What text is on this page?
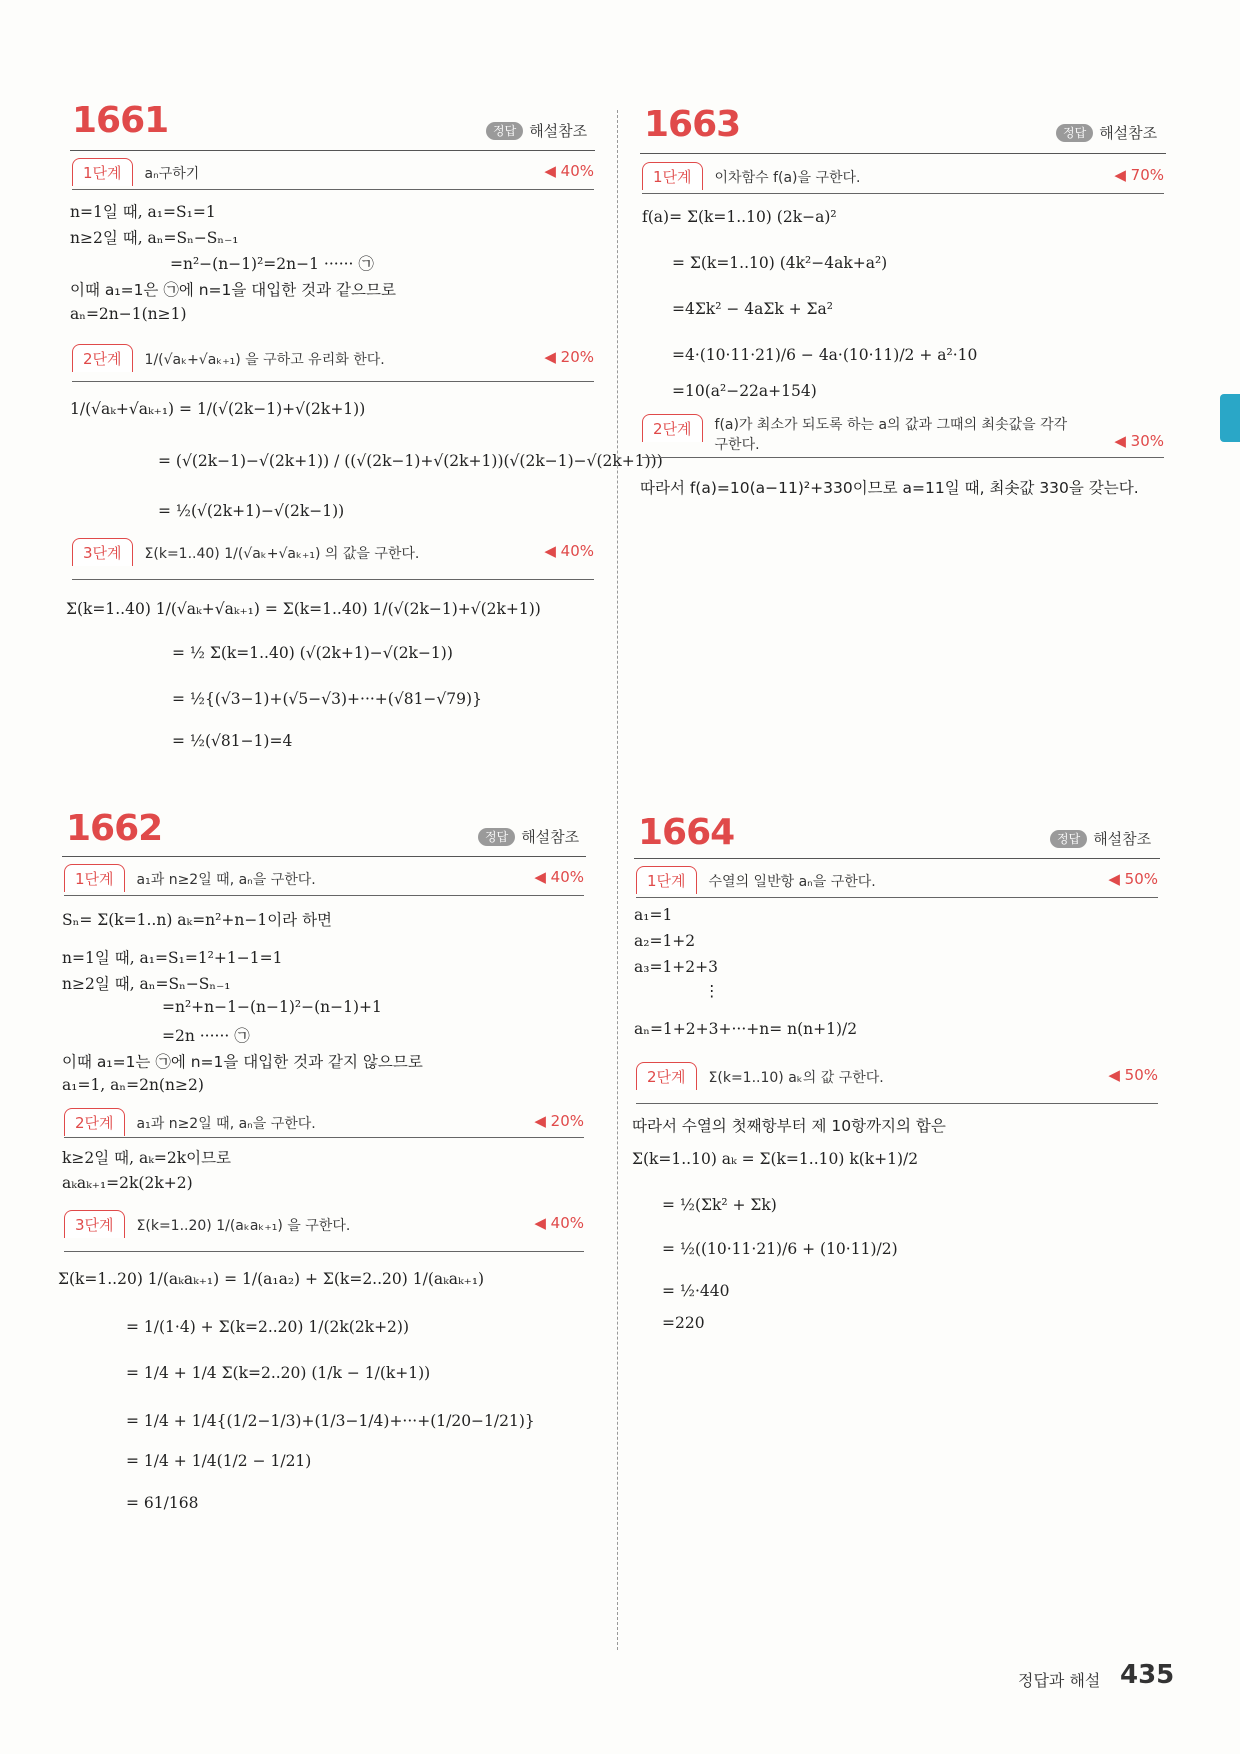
1661	정답 해설참조
1단계 aₙ구하기	◀ 40%
n=1일 때, a₁=S₁=1
n≥2일 때, aₙ=Sₙ−Sₙ₋₁
=n²−(n−1)²=2n−1 ······ ㉠
이때 a₁=1은 ㉠에 n=1을 대입한 것과 같으므로
aₙ=2n−1(n≥1)
2단계 1/(√aₖ+√aₖ₊₁) 을 구하고 유리화 한다.	◀ 20%
1/(√aₖ+√aₖ₊₁) = 1/(√(2k−1)+√(2k+1))
= (√(2k−1)−√(2k+1)) / ((√(2k−1)+√(2k+1))(√(2k−1)−√(2k+1)))
= ½(√(2k+1)−√(2k−1))
3단계 Σ(k=1..40) 1/(√aₖ+√aₖ₊₁) 의 값을 구한다.	◀ 40%
Σ(k=1..40) 1/(√aₖ+√aₖ₊₁) = Σ(k=1..40) 1/(√(2k−1)+√(2k+1))
= ½ Σ(k=1..40) (√(2k+1)−√(2k−1))
= ½{(√3−1)+(√5−√3)+···+(√81−√79)}
= ½(√81−1)=4
1662	정답 해설참조
1단계 a₁과 n≥2일 때, aₙ을 구한다.	◀ 40%
Sₙ= Σ(k=1..n) aₖ=n²+n−1이라 하면
n=1일 때, a₁=S₁=1²+1−1=1
n≥2일 때, aₙ=Sₙ−Sₙ₋₁
=n²+n−1−(n−1)²−(n−1)+1
=2n ······ ㉠
이때 a₁=1는 ㉠에 n=1을 대입한 것과 같지 않으므로
a₁=1, aₙ=2n(n≥2)
2단계 a₁과 n≥2일 때, aₙ을 구한다.	◀ 20%
k≥2일 때, aₖ=2k이므로
aₖaₖ₊₁=2k(2k+2)
3단계 Σ(k=1..20) 1/(aₖaₖ₊₁) 을 구한다.	◀ 40%
Σ(k=1..20) 1/(aₖaₖ₊₁) = 1/(a₁a₂) + Σ(k=2..20) 1/(aₖaₖ₊₁)
= 1/(1·4) + Σ(k=2..20) 1/(2k(2k+2))
= 1/4 + 1/4 Σ(k=2..20) (1/k − 1/(k+1))
= 1/4 + 1/4{(1/2−1/3)+(1/3−1/4)+···+(1/20−1/21)}
= 1/4 + 1/4(1/2 − 1/21)
= 61/168
1663	정답 해설참조
1단계 이차함수 f(a)을 구한다.	◀ 70%
f(a)= Σ(k=1..10) (2k−a)²
= Σ(k=1..10) (4k²−4ak+a²)
=4Σk² − 4aΣk + Σa²
=4·(10·11·21)/6 − 4a·(10·11)/2 + a²·10
=10(a²−22a+154)
2단계 f(a)가 최소가 되도록 하는 a의 값과 그때의 최솟값을 각각 구한다.	◀ 30%
따라서 f(a)=10(a−11)²+330이므로 a=11일 때, 최솟값 330을 갖는다.
1664	정답 해설참조
1단계 수열의 일반항 aₙ을 구한다.	◀ 50%
a₁=1
a₂=1+2
a₃=1+2+3
⋮
aₙ=1+2+3+···+n= n(n+1)/2
2단계 Σ(k=1..10) aₖ의 값 구한다.	◀ 50%
따라서 수열의 첫째항부터 제 10항까지의 합은
Σ(k=1..10) aₖ = Σ(k=1..10) k(k+1)/2
= ½(Σk² + Σk)
= ½((10·11·21)/6 + (10·11)/2)
= ½·440
=220
정답과 해설 435
